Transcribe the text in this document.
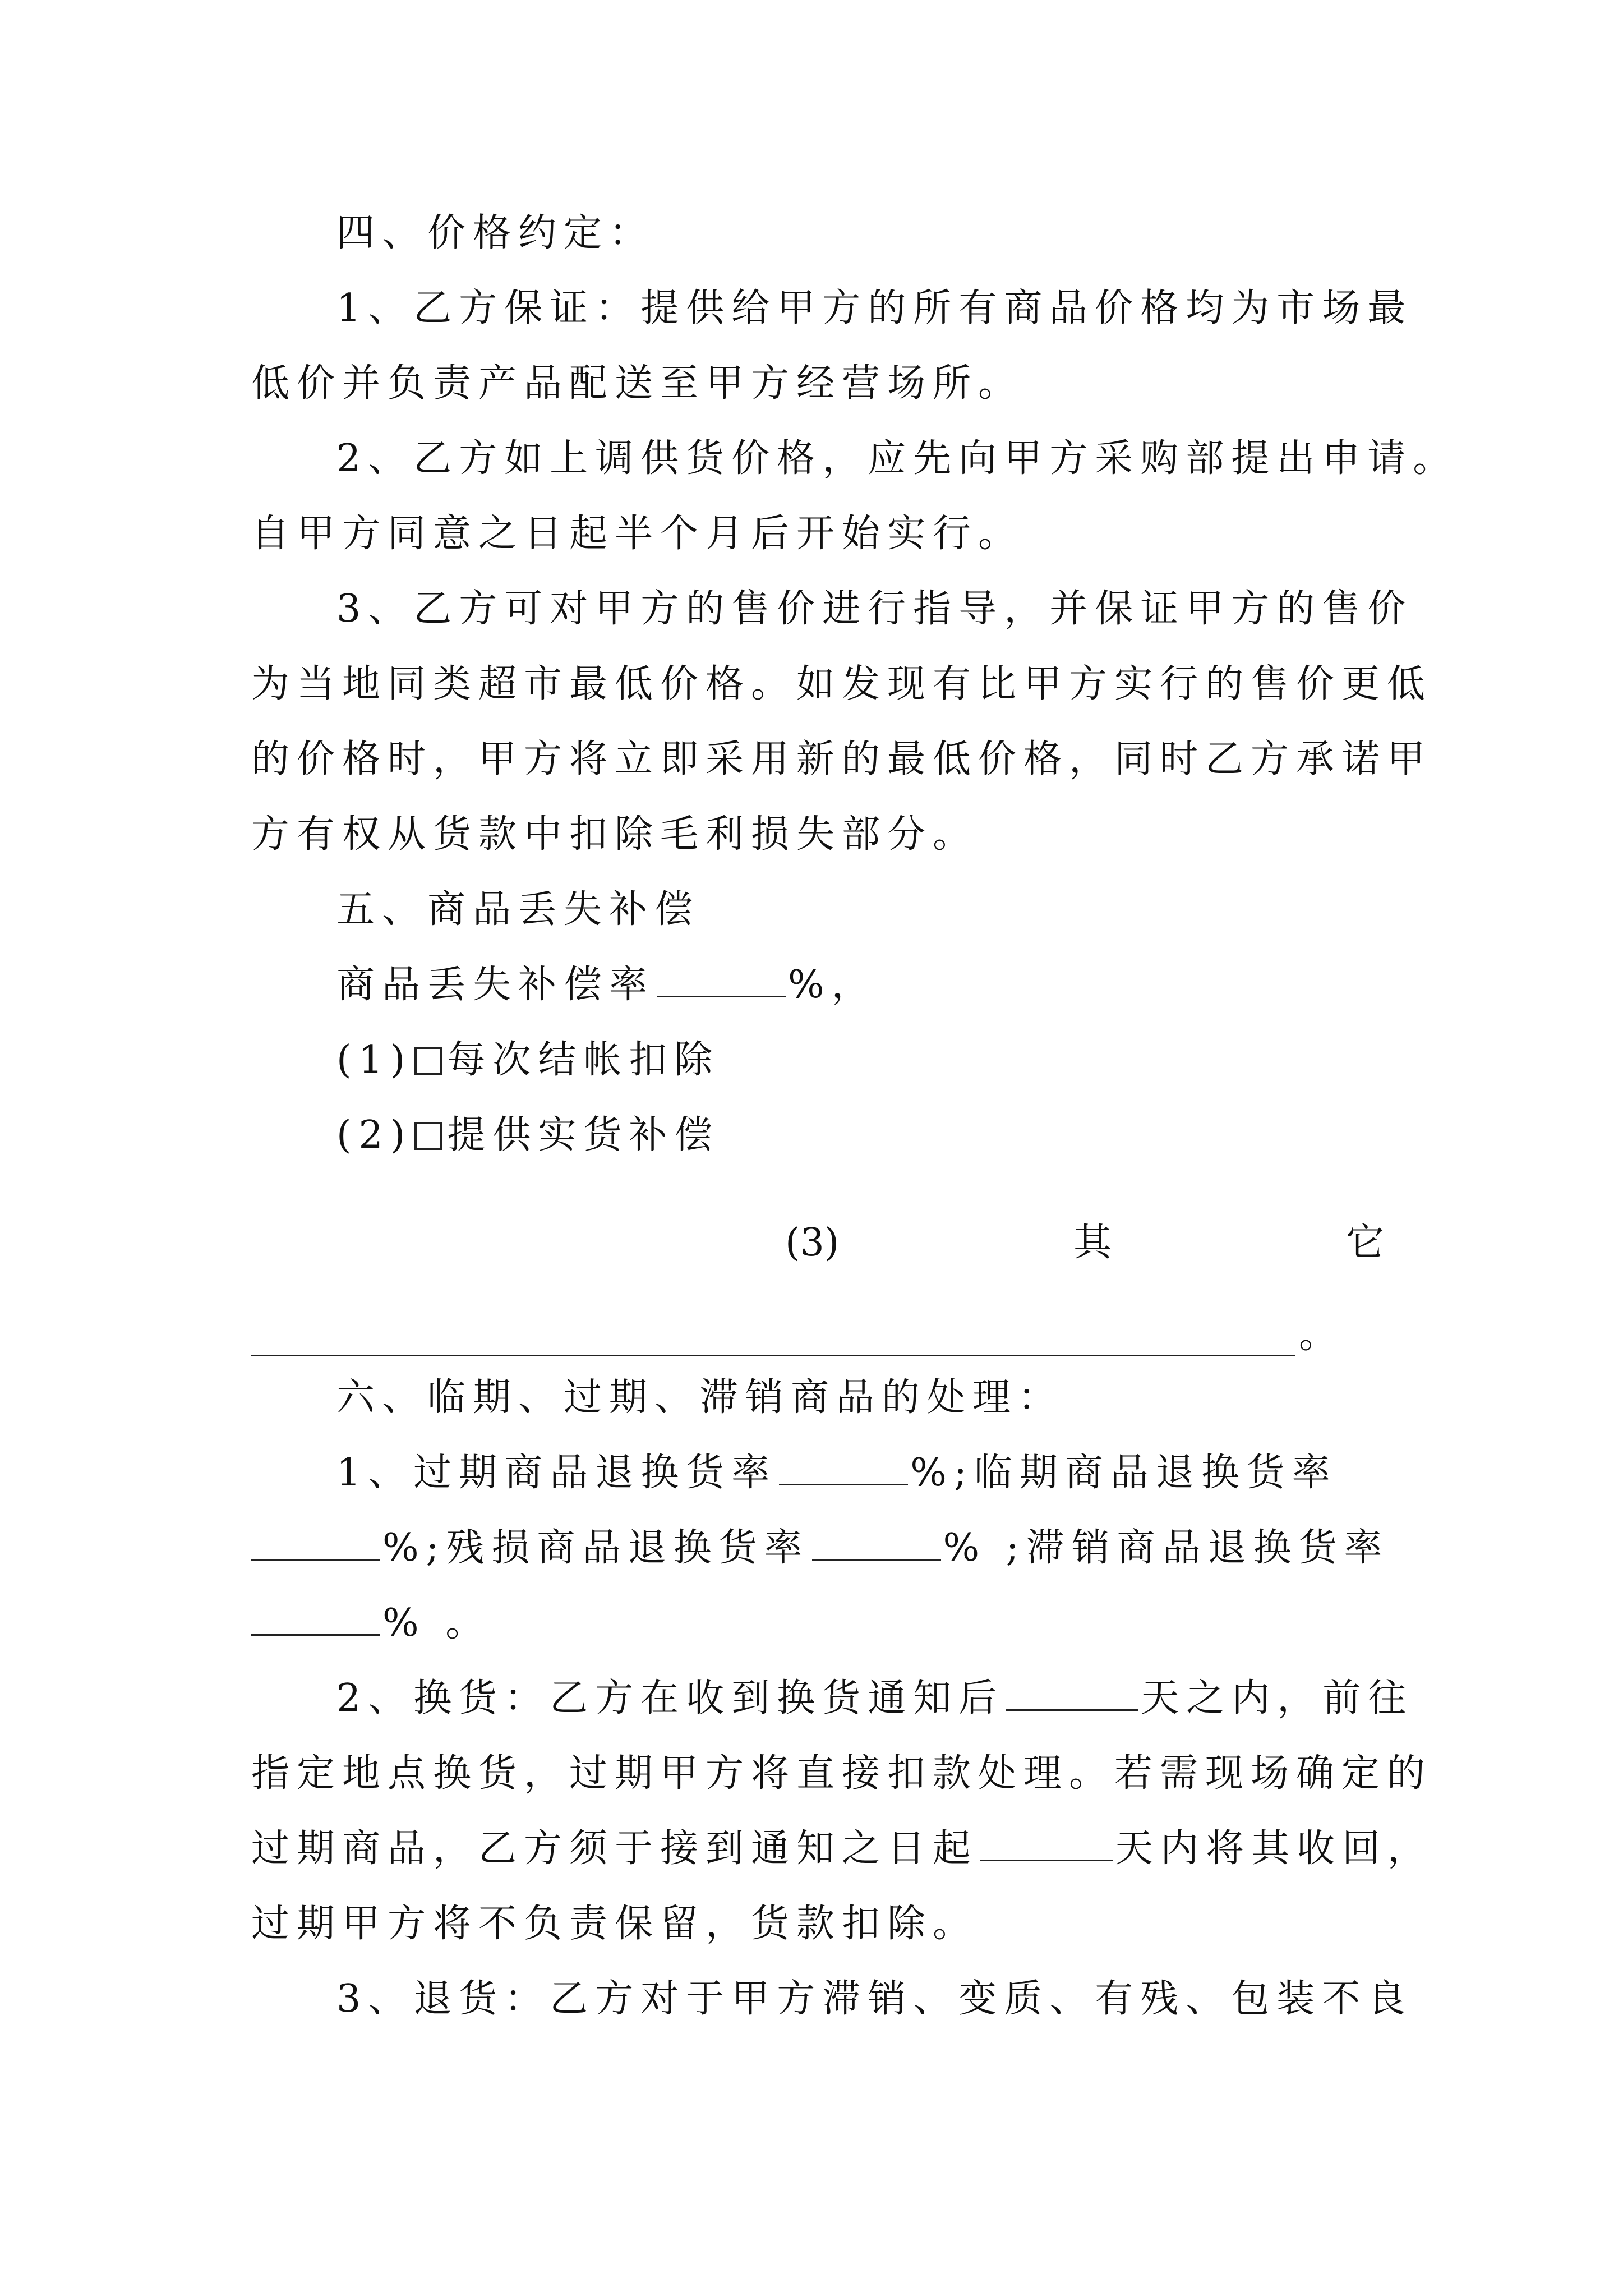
四、价格约定：
1、乙方保证：提供给甲方的所有商品价格均为市场最
低价并负责产品配送至甲方经营场所。
2、乙方如上调供货价格，应先向甲方采购部提出申请。
自甲方同意之日起半个月后开始实行。
3、乙方可对甲方的售价进行指导，并保证甲方的售价
为当地同类超市最低价格。如发现有比甲方实行的售价更低
的价格时，甲方将立即采用新的最低价格，同时乙方承诺甲
方有权从货款中扣除毛利损失部分。
五、商品丢失补偿
商品丢失补偿率	%，
(1) 每次结帐扣除
(2) 提供实货补偿
(3)	其	它
。
六、临期、过期、滞销商品的处理：
1、过期商品退换货率	%;临期商品退换货率
%;残损商品退换货率	% ;滞销商品退换货率
% 。
2、换货：乙方在收到换货通知后	天之内，前往
指定地点换货，过期甲方将直接扣款处理。若需现场确定的
过期商品，乙方须于接到通知之日起	天内将其收回，
过期甲方将不负责保留，货款扣除。
3、退货：乙方对于甲方滞销、变质、有残、包装不良
